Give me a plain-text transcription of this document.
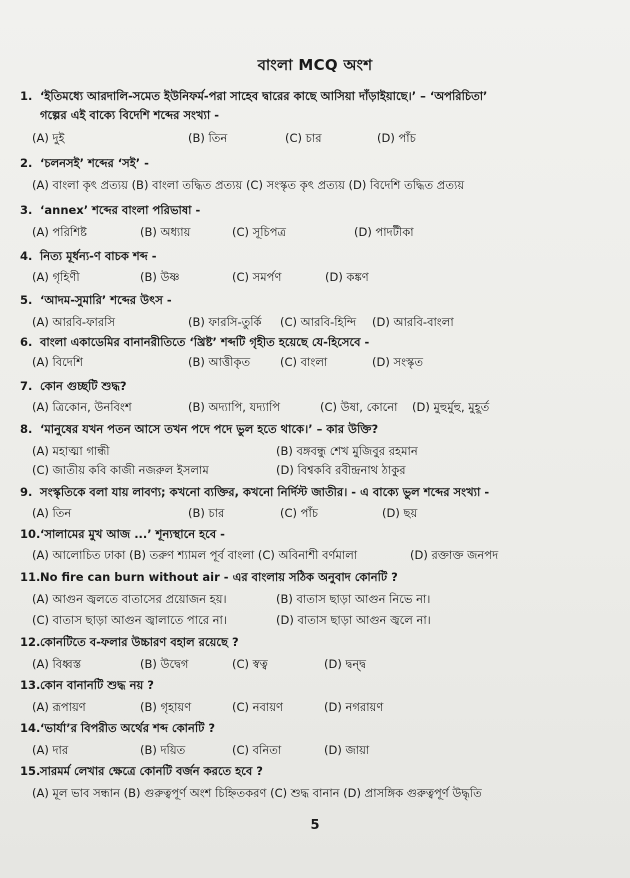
বাংলা MCQ অংশ
1. ‘ইতিমধ্যে আরদালি-সমেত ইউনিফর্ম-পরা সাহেব দ্বারের কাছে আসিয়া দাঁড়াইয়াছে।’ – ‘অপরিচিতা’
গল্পের এই বাক্যে বিদেশি শব্দের সংখ্যা -
(A) দুই	(B) তিন	(C) চার	(D) পাঁচ
2. ‘চলনসই’ শব্দের ‘সই’ -
(A) বাংলা কৃৎ প্রত্যয় (B) বাংলা তদ্ধিত প্রত্যয় (C) সংস্কৃত কৃৎ প্রত্যয় (D) বিদেশি তদ্ধিত প্রত্যয়
3. ‘annex’ শব্দের বাংলা পরিভাষা -
(A) পরিশিষ্ট	(B) অধ্যায়	(C) সূচিপত্র	(D) পাদটীকা
4. নিত্য মূর্ধন্য-ণ বাচক শব্দ -
(A) গৃহিণী	(B) উষ্ণ	(C) সমর্পণ	(D) কঙ্কণ
5. ‘আদম-সুমারি’ শব্দের উৎস -
(A) আরবি-ফারসি	(B) ফারসি-তুর্কি (C) আরবি-হিন্দি (D) আরবি-বাংলা
6. বাংলা একাডেমির বানানরীতিতে ‘খ্রিষ্ট’ শব্দটি গৃহীত হয়েছে যে-হিসেবে -
(A) বিদেশি	(B) আত্তীকৃত	(C) বাংলা	(D) সংস্কৃত
7. কোন গুচ্ছটি শুদ্ধ?
(A) ত্রিকোন, উনবিংশ	(B) অদ্যাপি, যদ্যাপি	(C) উষা, কোনো (D) মুহুর্মুহু, মুহূর্ত
8. ‘মানুষের যখন পতন আসে তখন পদে পদে ভুল হতে থাকে।’ – কার উক্তি?
(A) মহাত্মা গান্ধী	(B) বঙ্গবন্ধু শেখ মুজিবুর রহমান
(C) জাতীয় কবি কাজী নজরুল ইসলাম	(D) বিশ্বকবি রবীন্দ্রনাথ ঠাকুর
9. সংস্কৃতিকে বলা যায় লাবণ্য; কখনো ব্যক্তির, কখনো নির্দিস্ট জাতীর। - এ বাক্যে ভুল শব্দের সংখ্যা -
(A) তিন	(B) চার	(C) পাঁচ	(D) ছয়
10.‘সালামের মুখ আজ ...’ শূন্যস্থানে হবে -
(A) আলোচিত ঢাকা (B) তরুণ শ্যামল পূর্ব বাংলা (C) অবিনাশী বর্ণমালা	(D) রক্তাক্ত জনপদ
11.No fire can burn without air - এর বাংলায় সঠিক অনুবাদ কোনটি ?
(A) আগুন জ্বলতে বাতাসের প্রয়োজন হয়।	(B) বাতাস ছাড়া আগুন নিভে না।
(C) বাতাস ছাড়া আগুন জ্বালাতে পারে না।	(D) বাতাস ছাড়া আগুন জ্বলে না।
12.কোনটিতে ব-ফলার উচ্চারণ বহাল রয়েছে ?
(A) বিধ্বস্ত	(B) উদ্বেগ	(C) স্বত্ব	(D) দ্বন্দ্ব
13.কোন বানানটি শুদ্ধ নয় ?
(A) রূপায়ণ	(B) গৃহায়ণ	(C) নবায়ণ	(D) নগরায়ণ
14.‘ভার্যা’র বিপরীত অর্থের শব্দ কোনটি ?
(A) দার	(B) দয়িত	(C) বনিতা	(D) জায়া
15.সারমর্ম লেখার ক্ষেত্রে কোনটি বর্জন করতে হবে ?
(A) মূল ভাব সন্ধান (B) গুরুত্বপূর্ণ অংশ চিহ্নিতকরণ (C) শুদ্ধ বানান (D) প্রাসঙ্গিক গুরুত্বপূর্ণ উদ্ধৃতি
5
